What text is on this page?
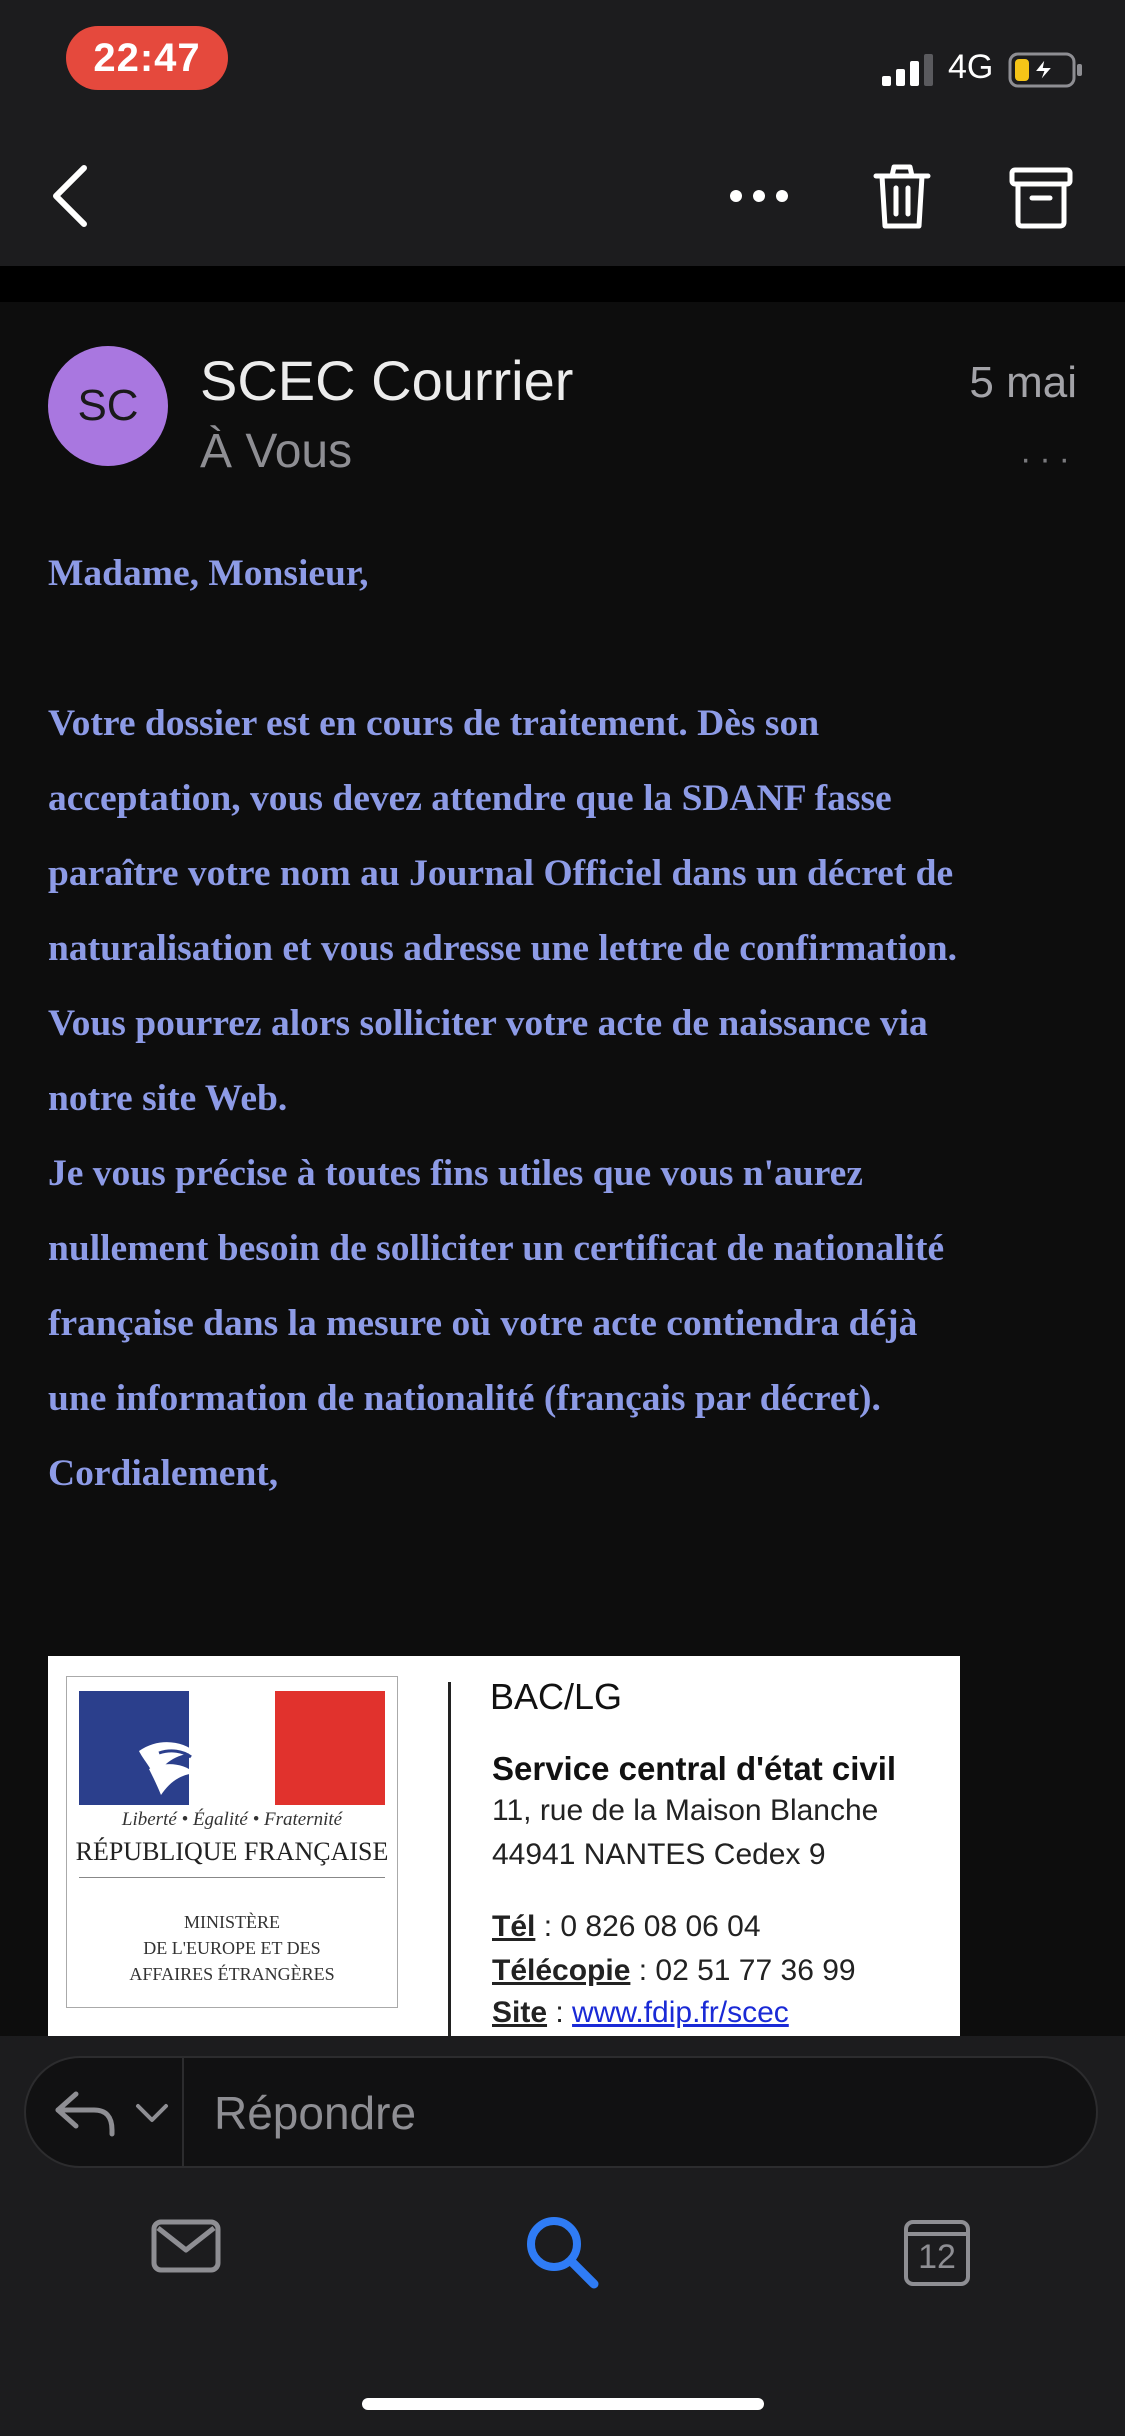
22:47	4G
SC	SCEC Courrier
À Vous
5 mai
···

Madame, Monsieur,

Votre dossier est en cours de traitement. Dès son

acceptation, vous devez attendre que la SDANF fasse

paraître votre nom au Journal Officiel dans un décret de

naturalisation et vous adresse une lettre de confirmation.

Vous pourrez alors solliciter votre acte de naissance via

notre site Web.

Je vous précise à toutes fins utiles que vous n'aurez

nullement besoin de solliciter un certificat de nationalité

française dans la mesure où votre acte contiendra déjà

une information de nationalité (français par décret).

Cordialement,

Liberté • Égalité • Fraternité
RÉPUBLIQUE FRANÇAISE
MINISTÈRE
DE L'EUROPE ET DES
AFFAIRES ÉTRANGÈRES
BAC/LG
Service central d'état civil
11, rue de la Maison Blanche
44941 NANTES Cedex 9
Tél : 0 826 08 06 04
Télécopie : 02 51 77 36 99
Site : www.fdip.fr/scec
Répondre
12
